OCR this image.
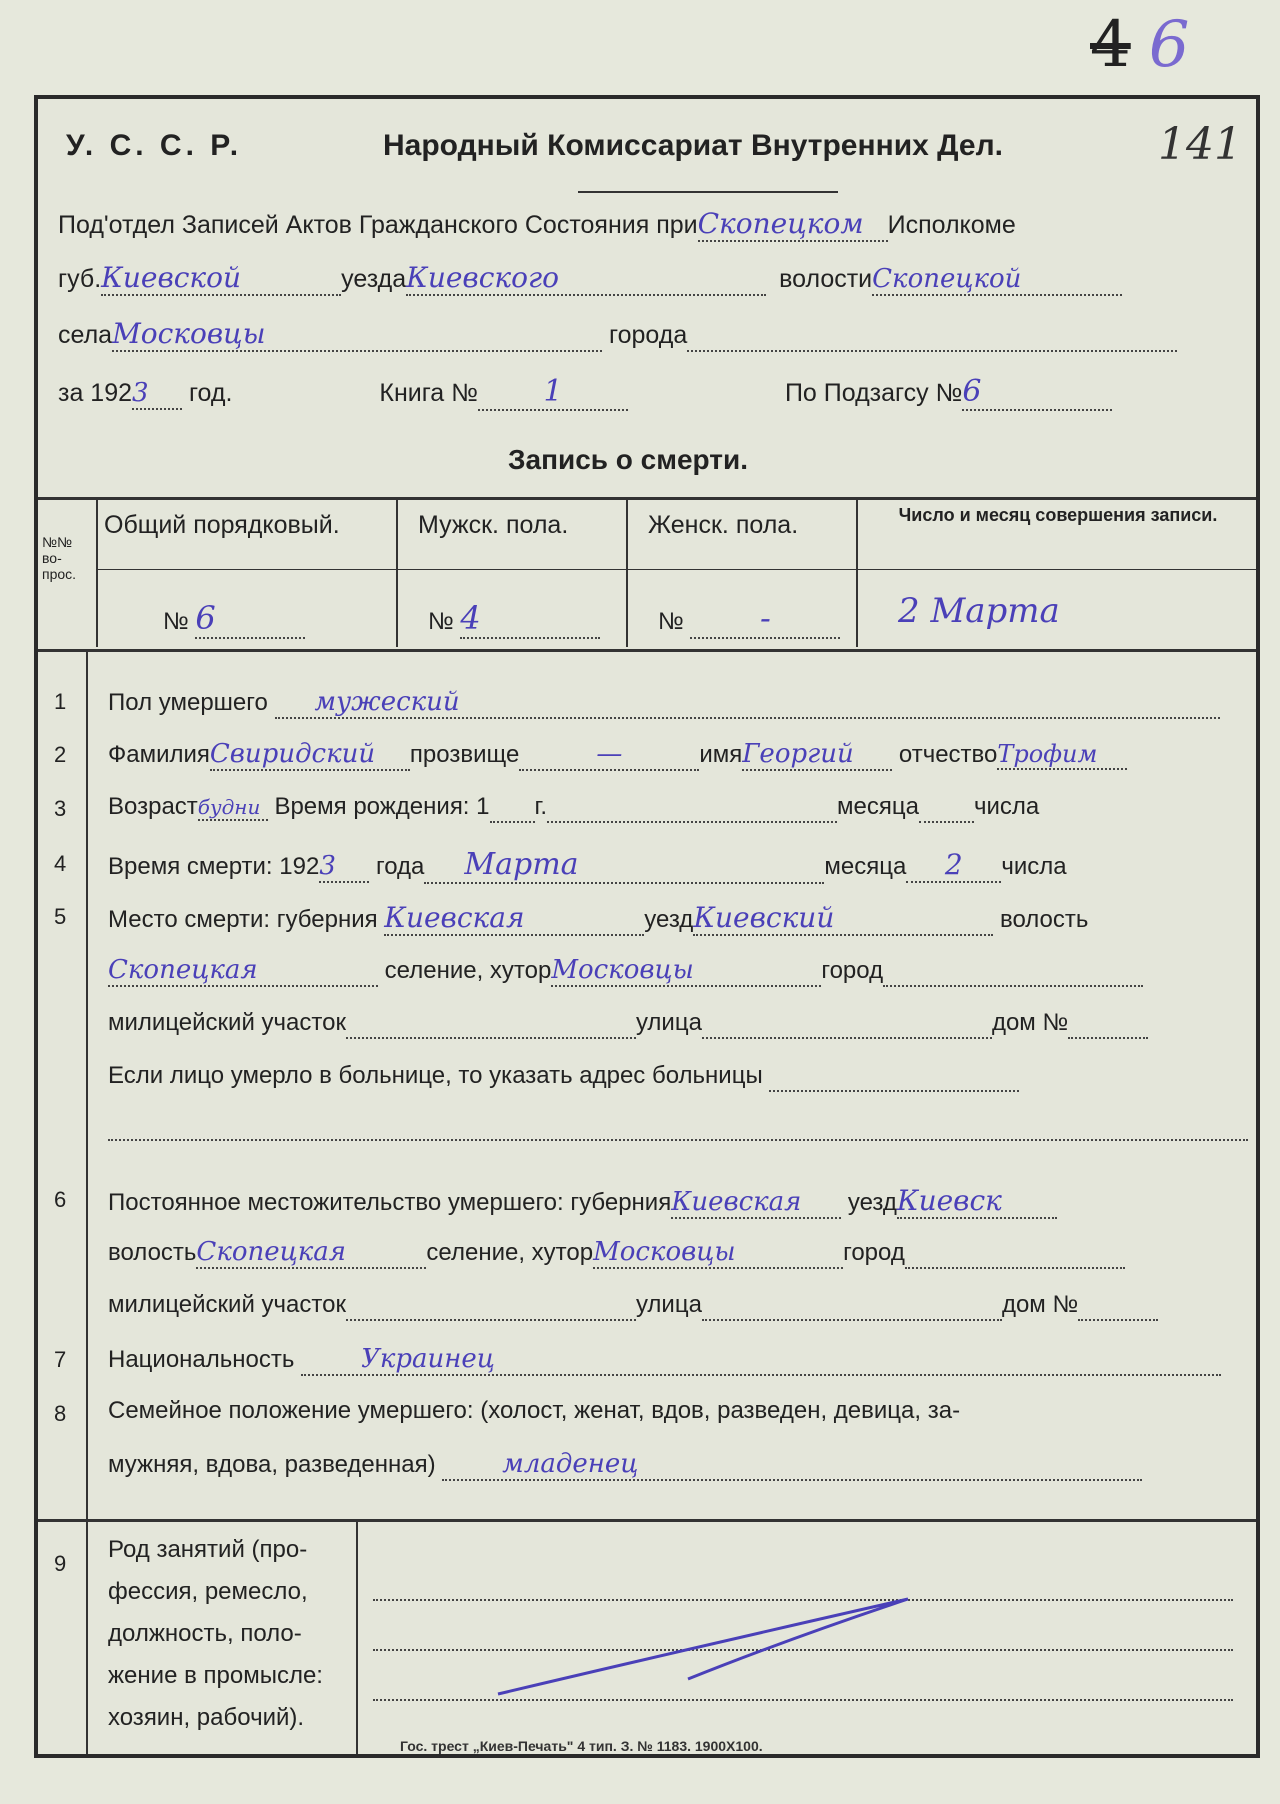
4 6
У. С. С. Р.	Народный Комиссариат Внутренних Дел.	141
Под'отдел Записей Актов Гражданского Состояния приСкопецком Исполкоме
губ.Киевской	уездаКиевского	волостиСкопецкой
селаМосковцы	города
за 1923 год.	Книга № 1	По Подзагсу №6
Запись о смерти.
№№ во-прос.
Общий порядковый.	Мужск. пола.	Женск. пола.	Число и месяц совершения записи.
№ 6	№ 4	№ -	2 Марта
1 Пол умершего мужеский
2 ФамилияСвиридский прозвище	—	имяГеоргий отчествоТрофим
3 Возрастбудни Время рождения: 1 г.	месяца числа
4 Время смерти: 1923 года Марта	месяца 2 числа
5 Место смерти: губерния Киевская	уездКиевский	волость
Скопецкая	селение, хуторМосковцы	город
милицейский участок	улица	дом №
Если лицо умерло в больнице, то указать адрес больницы

6 Постоянное местожительство умершего: губернияКиевская уездКиевск
волостьСкопецкая	селение, хуторМосковцы	город
милицейский участок	улица	дом №
7 Национальность	Украинец
8 Семейное положение умершего: (холост, женат, вдов, разведен, девица, за-
мужняя, вдова, разведенная)	младенец
9
Род занятий (про-
фессия, ремесло,
должность, поло-
жение в промысле:
хозяин, рабочий).
Гос. трест „Киев-Печать" 4 тип. З. № 1183. 1900Х100.
